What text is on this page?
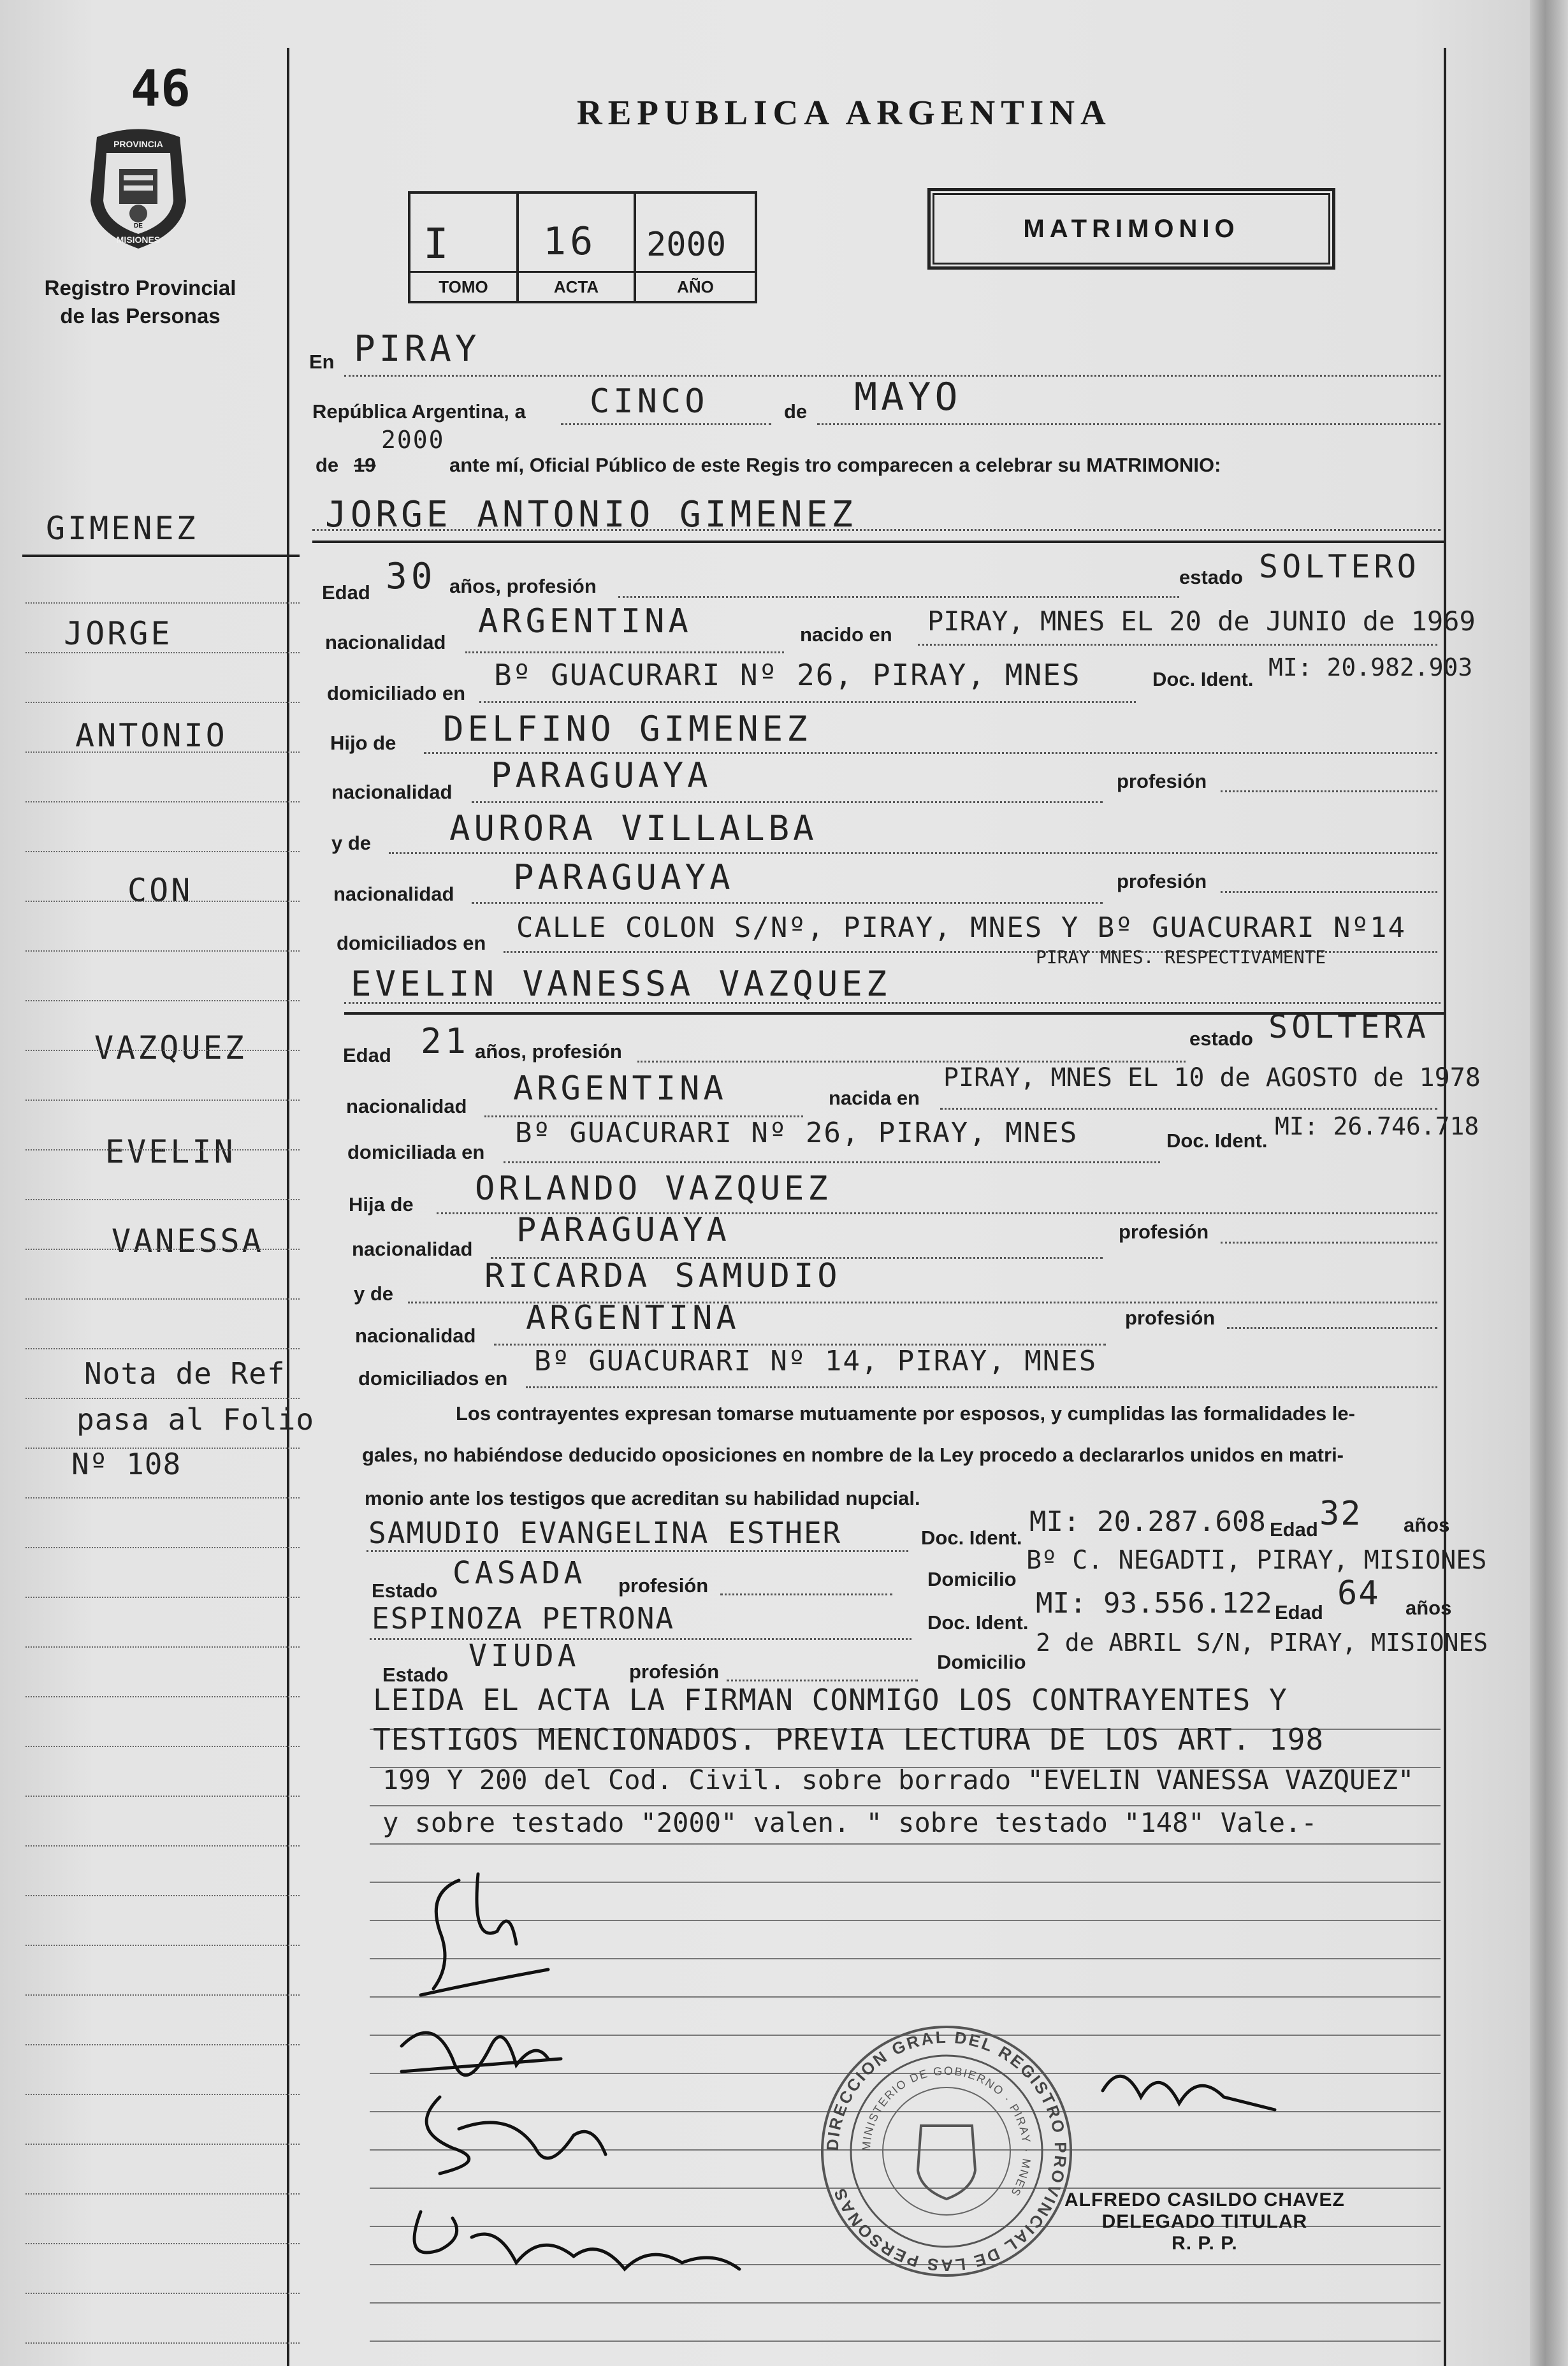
46
PROVINCIA
DE
MISIONES
Registro Provincial
de las Personas
REPUBLICA ARGENTINA
I
TOMO
16
ACTA
2000
AÑO
MATRIMONIO
En PIRAY
República Argentina, a CINCO	de MAYO
de 19
2000
ante mí, Oficial Público de este Regis tro comparecen a celebrar su MATRIMONIO:
JORGE ANTONIO GIMENEZ
Edad 30 años, profesión	estado SOLTERO
nacionalidad
ARGENTINA	nacido en PIRAY, MNES EL 20 de JUNIO de 1969
domiciliado en
Bº GUACURARI Nº 26, PIRAY, MNES	Doc. Ident. MI: 20.982.903
Hijo de DELFINO GIMENEZ
nacionalidad PARAGUAYA	profesión
y de AURORA VILLALBA
nacionalidad PARAGUAYA	profesión
domiciliados en CALLE COLON S/Nº, PIRAY, MNES Y Bº GUACURARI Nº14
PIRAY MNES. RESPECTIVAMENTE
EVELIN VANESSA VAZQUEZ
Edad 21 años, profesión
estado SOLTERA
nacionalidad ARGENTINA	nacida en
PIRAY, MNES EL 10 de AGOSTO de 1978
domiciliada en
Bº GUACURARI Nº 26, PIRAY, MNES	Doc. Ident.
MI: 26.746.718
Hija de ORLANDO VAZQUEZ
nacionalidad PARAGUAYA	profesión
y de	RICARDA SAMUDIO
nacionalidad ARGENTINA	profesión
domiciliados en
Bº GUACURARI Nº 14, PIRAY, MNES
Los contrayentes expresan tomarse mutuamente por esposos, y cumplidas las formalidades le-
gales, no habiéndose deducido oposiciones en nombre de la Ley procedo a declararlos unidos en matri-
monio ante los testigos que acreditan su habilidad nupcial.
SAMUDIO EVANGELINA ESTHER	Doc. Ident. MI: 20.287.608 Edad 32 años
Estado CASADA profesión	Domicilio
Bº C. NEGADTI, PIRAY, MISIONES
ESPINOZA PETRONA	Doc. Ident.
MI: 93.556.122 Edad 64 años
Estado
VIUDA	profesión	Domicilio
2 de ABRIL S/N, PIRAY, MISIONES
LEIDA EL ACTA LA FIRMAN CONMIGO LOS CONTRAYENTES Y
TESTIGOS MENCIONADOS. PREVIA LECTURA DE LOS ART. 198
199 Y 200 del Cod. Civil. sobre borrado "EVELIN VANESSA VAZQUEZ"
y sobre testado "2000" valen. " sobre testado "148" Vale.-
DIRECCION GRAL DEL REGISTRO PROVINCIAL DE LAS PERSONAS
MINISTERIO DE GOBIERNO · PIRAY · MNES	ALFREDO CASILDO CHAVEZ
DELEGADO TITULAR
R. P. P.
GIMENEZ
JORGE
ANTONIO
CON
VAZQUEZ
EVELIN
VANESSA
Nota de Ref
pasa al Folio
Nº 108
